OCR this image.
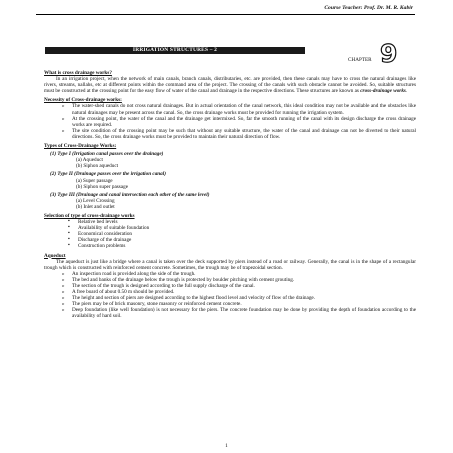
Course Teacher: Prof. Dr. M. R. Kabir
IRRIGATION STRUCTURES – 2
CHAPTER 9
What is cross drainage works?
In an irrigation project, when the network of main canals, branch canals, distributaries, etc. are provided, then these canals may have to cross the natural drainages like rivers, streams, nallahs, etc at different points within the command area of the project. The crossing of the canals with such obstacle cannot be avoided. So, suitable structures must be constructed at the crossing point for the easy flow of water of the canal and drainage in the respective directions. These structures are known as cross-drainage works.
Necessity of Cross-drainage works:
o The water-shed canals do not cross natural drainages. But in actual orientation of the canal network, this ideal condition may not be available and the obstacles like natural drainages may be present across the canal. So, the cross drainage works must be provided for running the irrigation system.
o At the crossing point, the water of the canal and the drainage get intermixed. So, far the smooth running of the canal with its design discharge the cross drainage works are required.
o The site condition of the crossing point may be such that without any suitable structure, the water of the canal and drainage can not be diverted to their natural directions. So, the cross drainage works must be provided to maintain their natural direction of flow.
Types of Cross-Drainage Works:
(1) Type I (Irrigation canal passes over the drainage)
(a) Aqueduct
(b) Siphon aqueduct
(2) Type II (Drainage passes over the irrigation canal)
(a) Super passage
(b) Siphon super passage
(3) Type III (Drainage and canal intersection each other of the same level)
(a) Level Crossing
(b) Inlet and outlet
Selection of type of cross-drainage works
▪ Relative bed levels
▪ Availability of suitable foundation
▪ Economical consideration
▪ Discharge of the drainage
▪ Construction problems
Aqueduct
The aqueduct is just like a bridge where a canal is taken over the deck supported by piers instead of a road or railway. Generally, the canal is in the shape of a rectangular trough which is constructed with reinforced cement concrete. Sometimes, the trough may be of trapezoidal section.
o An inspection road is provided along the side of the trough.
o The bed and banks of the drainage below the trough is protected by boulder pitching with cement grouting.
o The section of the trough is designed according to the full supply discharge of the canal.
o A free board of about 0.50 m should be provided.
o The height and section of piers are designed according to the highest flood level and velocity of flow of the drainage.
o The piers may be of brick masonry, stone masonry or reinforced cement concrete.
o Deep foundation (like well foundation) is not necessary for the piers. The concrete foundation may be done by providing the depth of foundation according to the availability of hard soil.
1
